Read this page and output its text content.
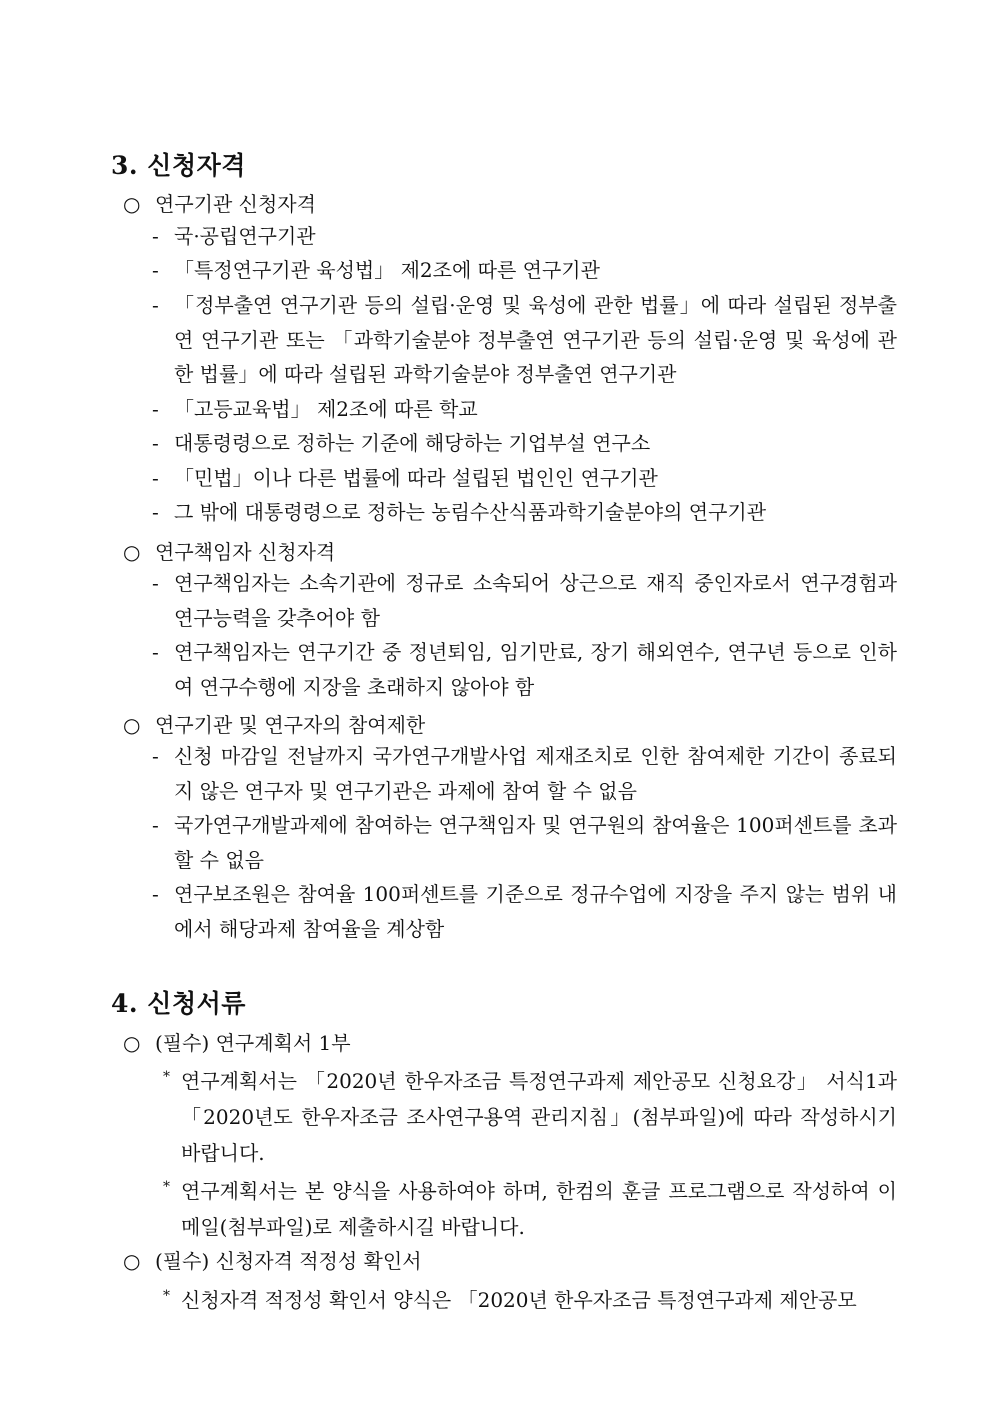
3. 신청자격
○ 연구기관 신청자격
- 국·공립연구기관
- 「특정연구기관 육성법」 제2조에 따른 연구기관
- 「정부출연 연구기관 등의 설립·운영 및 육성에 관한 법률」에 따라 설립된 정부출연 연구기관 또는 「과학기술분야 정부출연 연구기관 등의 설립·운영 및 육성에 관한 법률」에 따라 설립된 과학기술분야 정부출연 연구기관
- 「고등교육법」 제2조에 따른 학교
- 대통령령으로 정하는 기준에 해당하는 기업부설 연구소
- 「민법」이나 다른 법률에 따라 설립된 법인인 연구기관
- 그 밖에 대통령령으로 정하는 농림수산식품과학기술분야의 연구기관
○ 연구책임자 신청자격
- 연구책임자는 소속기관에 정규로 소속되어 상근으로 재직 중인자로서 연구경험과 연구능력을 갖추어야 함
- 연구책임자는 연구기간 중 정년퇴임, 임기만료, 장기 해외연수, 연구년 등으로 인하여 연구수행에 지장을 초래하지 않아야 함
○ 연구기관 및 연구자의 참여제한
- 신청 마감일 전날까지 국가연구개발사업 제재조치로 인한 참여제한 기간이 종료되지 않은 연구자 및 연구기관은 과제에 참여 할 수 없음
- 국가연구개발과제에 참여하는 연구책임자 및 연구원의 참여율은 100퍼센트를 초과할 수 없음
- 연구보조원은 참여율 100퍼센트를 기준으로 정규수업에 지장을 주지 않는 범위 내에서 해당과제 참여율을 계상함
4. 신청서류
○ (필수) 연구계획서 1부
* 연구계획서는 「2020년 한우자조금 특정연구과제 제안공모 신청요강」 서식1과「2020년도 한우자조금 조사연구용역 관리지침」(첨부파일)에 따라 작성하시기 바랍니다.
* 연구계획서는 본 양식을 사용하여야 하며, 한컴의 훈글 프로그램으로 작성하여 이메일(첨부파일)로 제출하시길 바랍니다.
○ (필수) 신청자격 적정성 확인서
* 신청자격 적정성 확인서 양식은 「2020년 한우자조금 특정연구과제 제안공모
